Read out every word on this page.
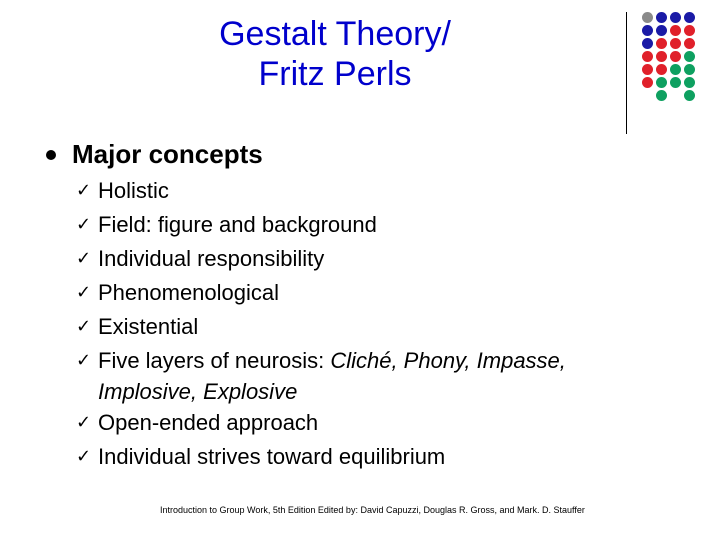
Gestalt Theory/
Fritz Perls
Major concepts
✓ Holistic
✓ Field: figure and background
✓ Individual responsibility
✓ Phenomenological
✓ Existential
✓ Five layers of neurosis: Cliché, Phony, Impasse,
Implosive, Explosive
✓ Open-ended approach
✓ Individual strives toward equilibrium
Introduction to Group Work, 5th Edition Edited by: David Capuzzi, Douglas R. Gross, and Mark. D. Stauffer
